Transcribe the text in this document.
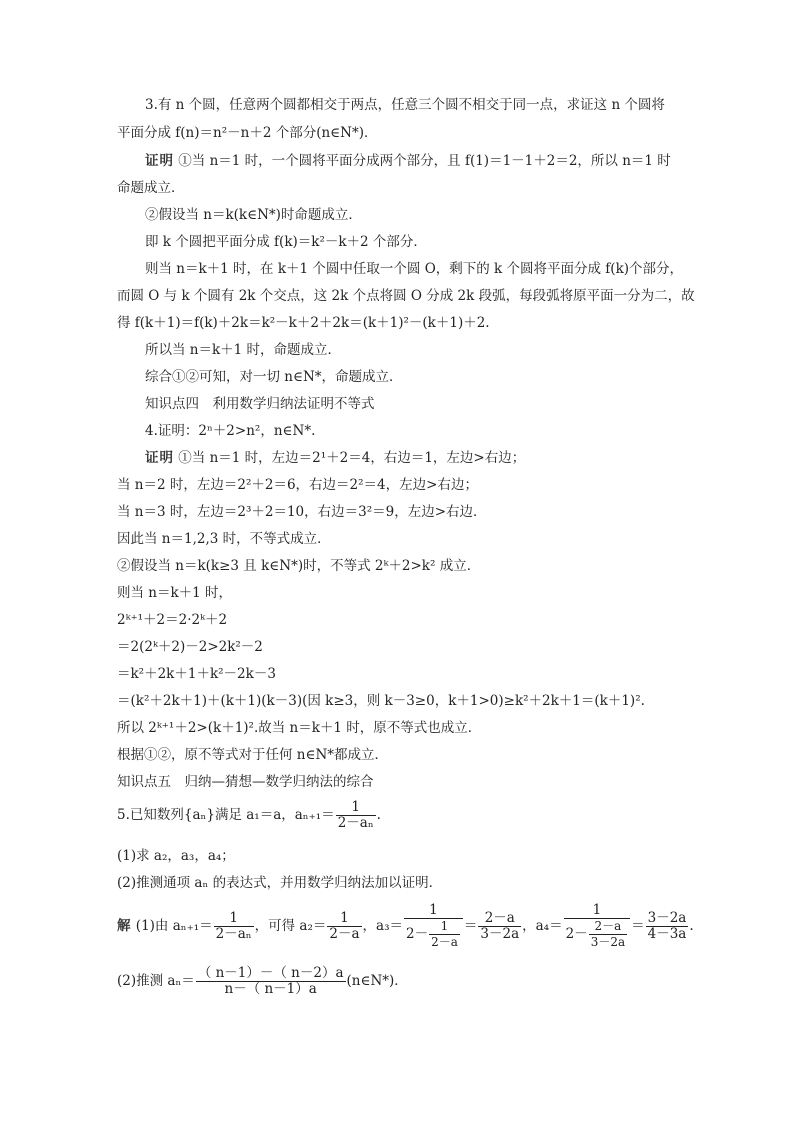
3.有 n 个圆，任意两个圆都相交于两点，任意三个圆不相交于同一点，求证这 n 个圆将
平面分成 f(n)＝n²－n＋2 个部分(n∈N*)．
证明 ①当 n＝1 时，一个圆将平面分成两个部分，且 f(1)＝1－1＋2＝2，所以 n＝1 时
命题成立．
②假设当 n＝k(k∈N*)时命题成立．
即 k 个圆把平面分成 f(k)＝k²－k＋2 个部分．
则当 n＝k＋1 时，在 k＋1 个圆中任取一个圆 O，剩下的 k 个圆将平面分成 f(k)个部分，
而圆 O 与 k 个圆有 2k 个交点，这 2k 个点将圆 O 分成 2k 段弧，每段弧将原平面一分为二，故
得 f(k＋1)＝f(k)＋2k＝k²－k＋2＋2k＝(k＋1)²－(k＋1)＋2.
所以当 n＝k＋1 时，命题成立．
综合①②可知，对一切 n∈N*，命题成立．
知识点四　利用数学归纳法证明不等式
4.证明：2ⁿ＋2>n²，n∈N*.
证明 ①当 n＝1 时，左边＝2¹＋2＝4，右边＝1，左边>右边；
当 n＝2 时，左边＝2²＋2＝6，右边＝2²＝4，左边>右边；
当 n＝3 时，左边＝2³＋2＝10，右边＝3²＝9，左边>右边．
因此当 n＝1,2,3 时，不等式成立．
②假设当 n＝k(k≥3 且 k∈N*)时，不等式 2ᵏ＋2>k² 成立．
则当 n＝k＋1 时，
2ᵏ⁺¹＋2＝2·2ᵏ＋2
＝2(2ᵏ＋2)－2>2k²－2
＝k²＋2k＋1＋k²－2k－3
＝(k²＋2k＋1)＋(k＋1)(k－3)(因 k≥3，则 k－3≥0，k＋1>0)≥k²＋2k＋1＝(k＋1)².
所以 2ᵏ⁺¹＋2>(k＋1)².故当 n＝k＋1 时，原不等式也成立．
根据①②，原不等式对于任何 n∈N*都成立．
知识点五　归纳—猜想—数学归纳法的综合
5.已知数列{aₙ}满足 a₁＝a，$a_{n+1}= \frac{1}{\text{2－aₙ}}$ .
(1)求 a₂，a₃，a₄；
(2)推测通项 aₙ 的表达式，并用数学归纳法加以证明．
解 (1)由 $a_{n+1}= \frac{1}{\text{2－aₙ}}$ ，可得 $a_2= \frac{1}{2-a}$ ，$a_3= \frac{1}{2- \frac{1}{2-a}} = \frac{2-a}{3-2a}$ ，$a_4= \frac{1}{2- \frac{2-a}{3-2a}} = \frac{3-2a}{4-3a}$ .
(2)推测 $a_n= \frac{( n-1)-( n-2)a}{n-( n-1)a}$ (n∈N*)．
